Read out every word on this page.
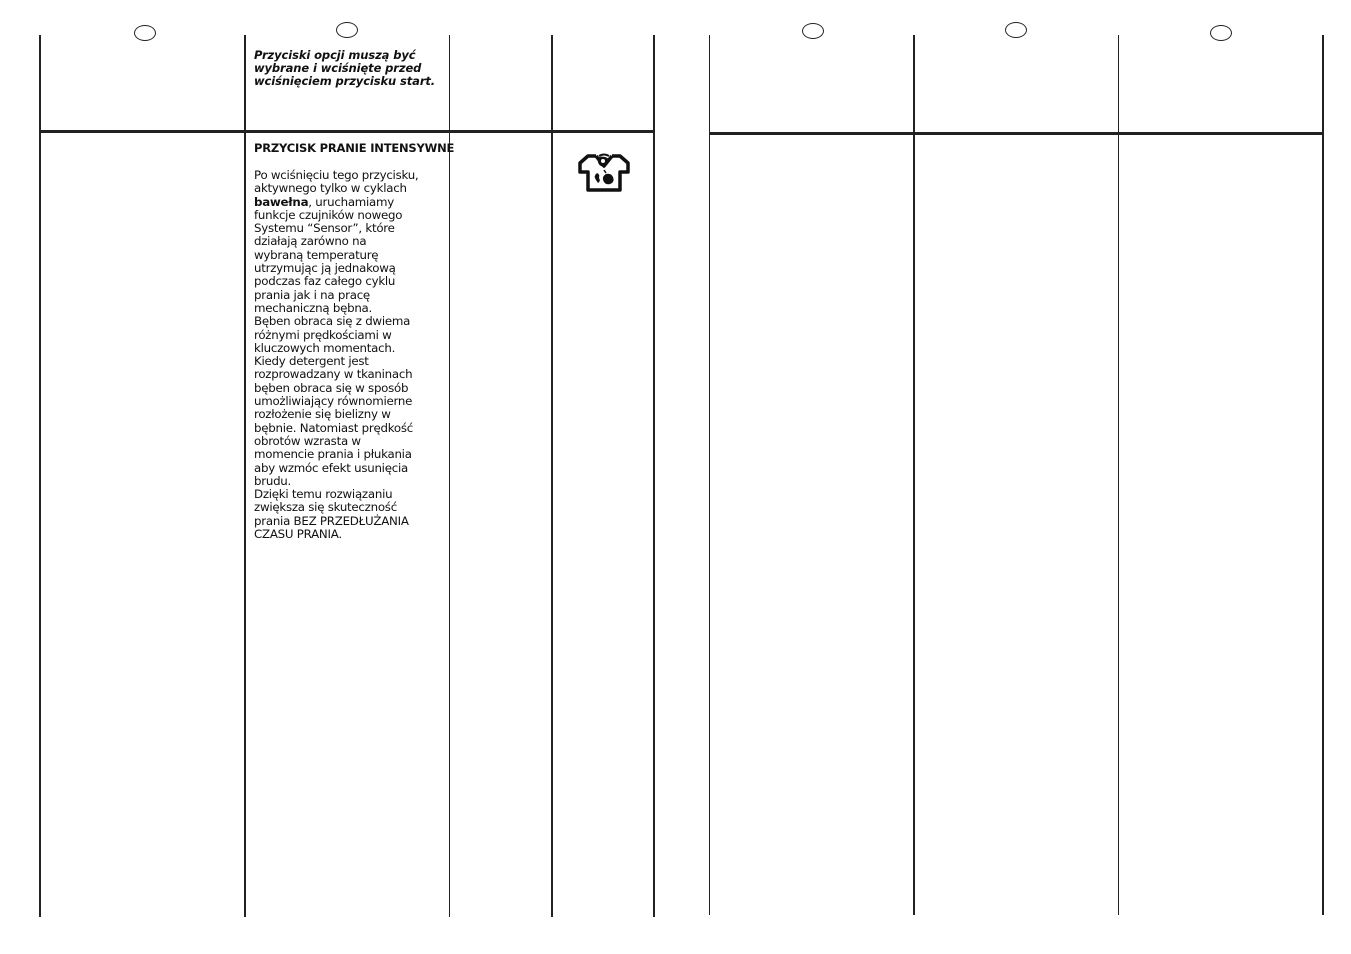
Przyciski opcji muszą być
wybrane i wciśnięte przed
wciśnięciem przycisku start.
PRZYCISK PRANIE INTENSYWNE
Po wciśnięciu tego przycisku,
aktywnego tylko w cyklach
bawełna, uruchamiamy
funkcje czujników nowego
Systemu “Sensor”, które
działają zarówno na
wybraną temperaturę
utrzymując ją jednakową
podczas faz całego cyklu
prania jak i na pracę
mechaniczną bębna.
Bęben obraca się z dwiema
różnymi prędkościami w
kluczowych momentach.
Kiedy detergent jest
rozprowadzany w tkaninach
bęben obraca się w sposób
umożliwiający równomierne
rozłożenie się bielizny w
bębnie. Natomiast prędkość
obrotów wzrasta w
momencie prania i płukania
aby wzmóc efekt usunięcia
brudu.
Dzięki temu rozwiązaniu
zwiększa się skuteczność
prania BEZ PRZEDŁUŻANIA
CZASU PRANIA.
